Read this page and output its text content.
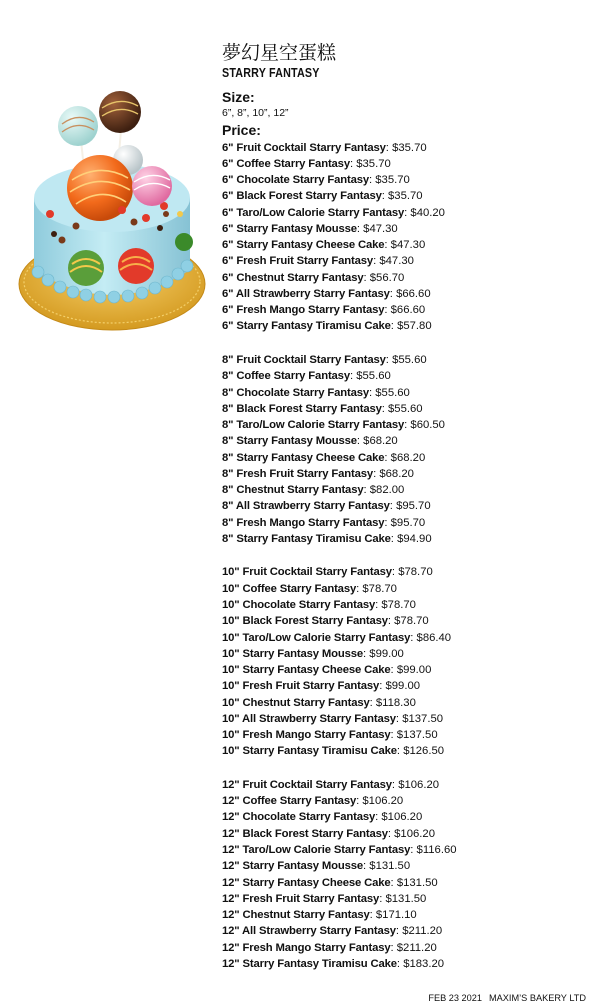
夢幻星空蛋糕
STARRY FANTASY
Size:

6”, 8”, 10”, 12”

Price:
6" Fruit Cocktail Starry Fantasy: $35.70
6" Coffee Starry Fantasy: $35.70
6" Chocolate Starry Fantasy: $35.70
6" Black Forest Starry Fantasy: $35.70
6" Taro/Low Calorie Starry Fantasy: $40.20
6" Starry Fantasy Mousse: $47.30
6" Starry Fantasy Cheese Cake: $47.30
6" Fresh Fruit Starry Fantasy: $47.30
6" Chestnut Starry Fantasy: $56.70
6" All Strawberry Starry Fantasy: $66.60
6" Fresh Mango Starry Fantasy: $66.60
6" Starry Fantasy Tiramisu Cake: $57.80
8" Fruit Cocktail Starry Fantasy: $55.60
8" Coffee Starry Fantasy: $55.60
8" Chocolate Starry Fantasy: $55.60
8" Black Forest Starry Fantasy: $55.60
8" Taro/Low Calorie Starry Fantasy: $60.50
8" Starry Fantasy Mousse: $68.20
8" Starry Fantasy Cheese Cake: $68.20
8" Fresh Fruit Starry Fantasy: $68.20
8" Chestnut Starry Fantasy: $82.00
8" All Strawberry Starry Fantasy: $95.70
8" Fresh Mango Starry Fantasy: $95.70
8" Starry Fantasy Tiramisu Cake: $94.90
10" Fruit Cocktail Starry Fantasy: $78.70
10" Coffee Starry Fantasy: $78.70
10" Chocolate Starry Fantasy: $78.70
10" Black Forest Starry Fantasy: $78.70
10" Taro/Low Calorie Starry Fantasy: $86.40
10" Starry Fantasy Mousse: $99.00
10" Starry Fantasy Cheese Cake: $99.00
10" Fresh Fruit Starry Fantasy: $99.00
10" Chestnut Starry Fantasy: $118.30
10" All Strawberry Starry Fantasy: $137.50
10" Fresh Mango Starry Fantasy: $137.50
10" Starry Fantasy Tiramisu Cake: $126.50
12" Fruit Cocktail Starry Fantasy: $106.20
12" Coffee Starry Fantasy: $106.20
12" Chocolate Starry Fantasy: $106.20
12" Black Forest Starry Fantasy: $106.20
12" Taro/Low Calorie Starry Fantasy: $116.60
12" Starry Fantasy Mousse: $131.50
12" Starry Fantasy Cheese Cake: $131.50
12" Fresh Fruit Starry Fantasy: $131.50
12" Chestnut Starry Fantasy: $171.10
12" All Strawberry Starry Fantasy: $211.20
12" Fresh Mango Starry Fantasy: $211.20
12" Starry Fantasy Tiramisu Cake: $183.20
FEB 23 2021 MAXIM’S BAKERY LTD
